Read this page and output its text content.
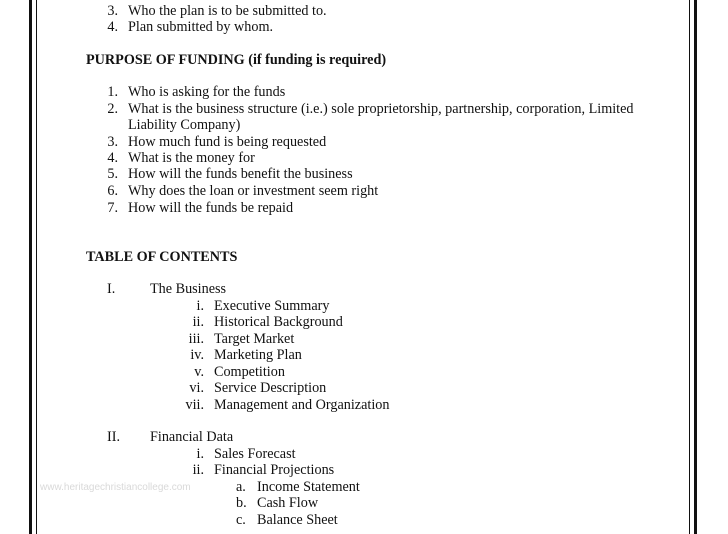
3. Who the plan is to be submitted to.
4. Plan submitted by whom.
PURPOSE OF FUNDING (if funding is required)
1. Who is asking for the funds
2. What is the business structure (i.e.) sole proprietorship, partnership, corporation, Limited
Liability Company)
3. How much fund is being requested
4. What is the money for
5. How will the funds benefit the business
6. Why does the loan or investment seem right
7. How will the funds be repaid
TABLE OF CONTENTS
I. The Business
i. Executive Summary
ii. Historical Background
iii. Target Market
iv. Marketing Plan
v. Competition
vi. Service Description
vii. Management and Organization
II. Financial Data
i. Sales Forecast
ii. Financial Projections
a. Income Statement
b. Cash Flow
c. Balance Sheet
www.heritagechristiancollege.com
